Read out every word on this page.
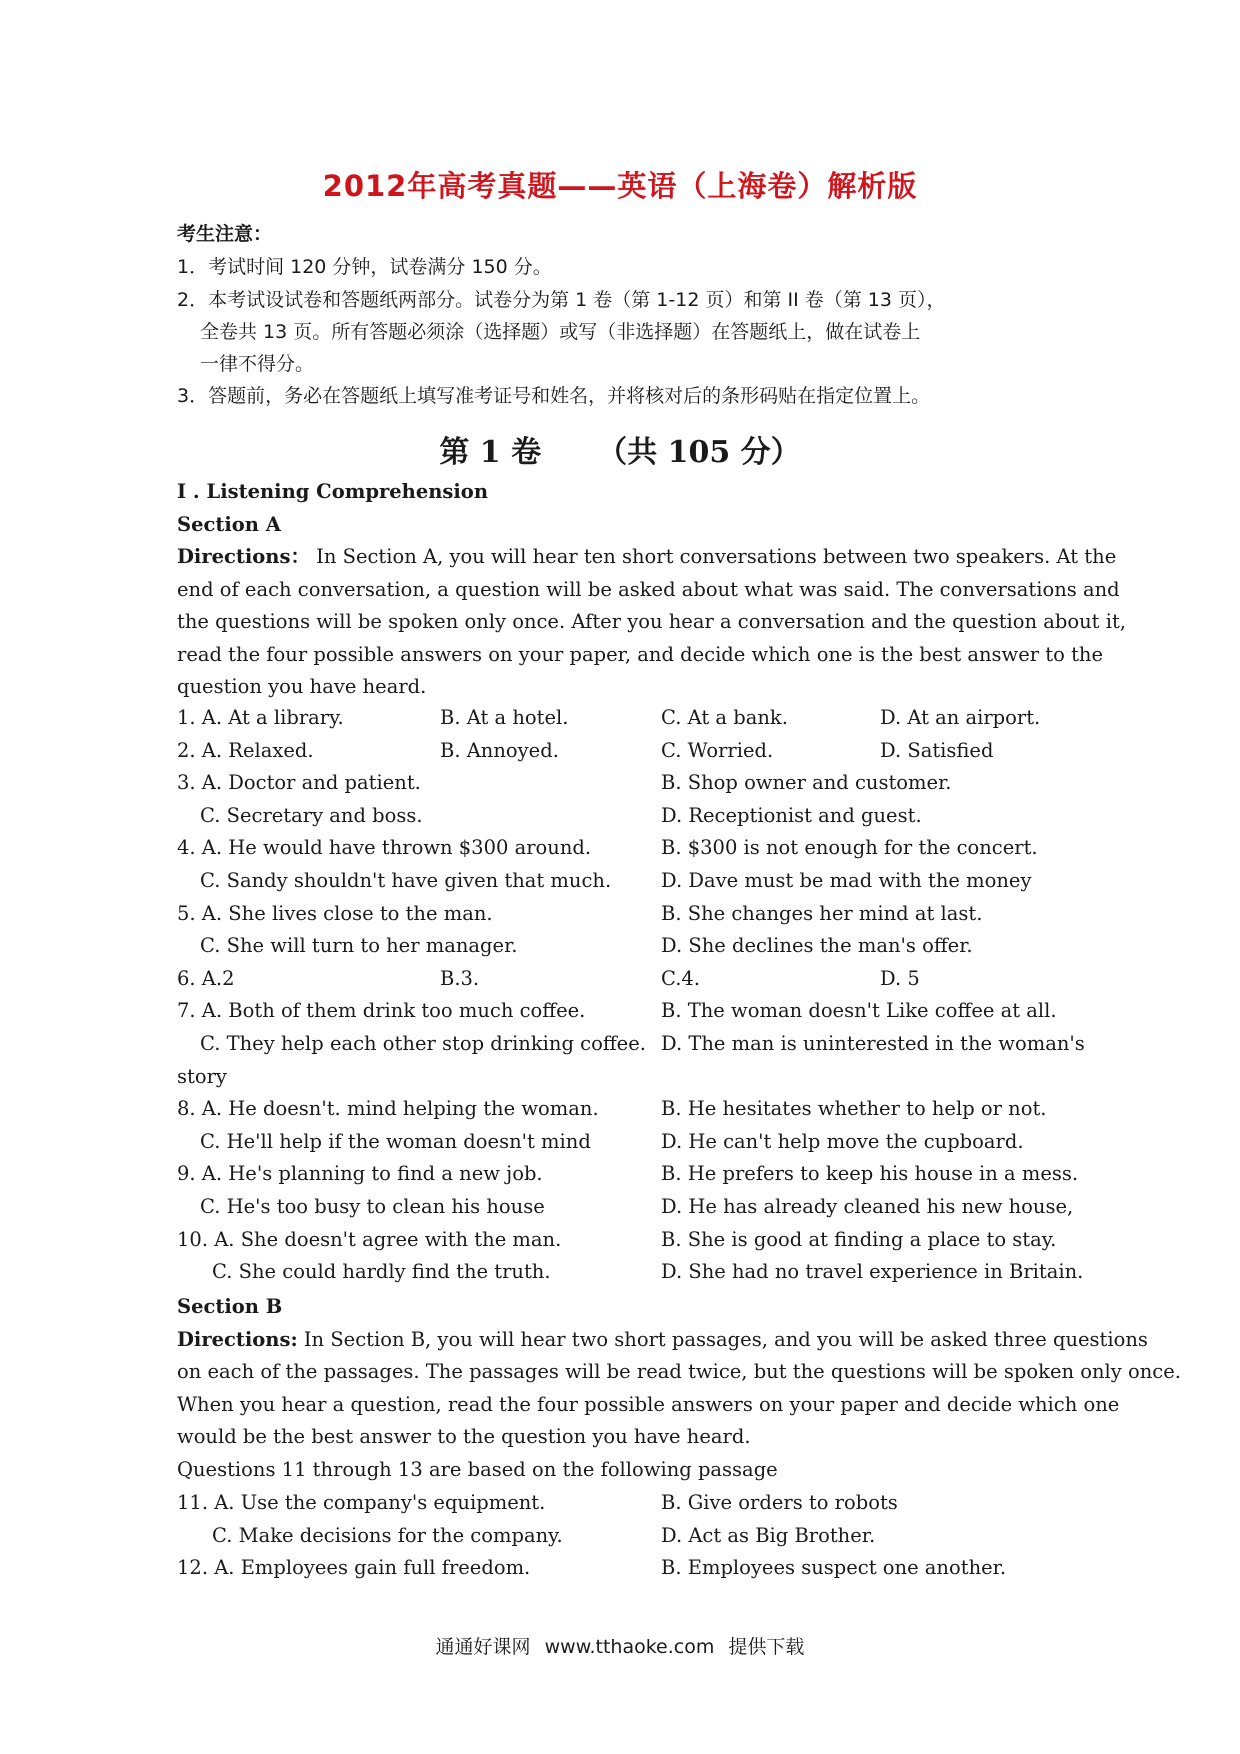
2012年高考真题——英语（上海卷）解析版
考生注意：
1．考试时间 120 分钟，试卷满分 150 分。
2．本考试设试卷和答题纸两部分。试卷分为第 1 卷（第 1-12 页）和第 II 卷（第 13 页），
全卷共 13 页。所有答题必须涂（选择题）或写（非选择题）在答题纸上，做在试卷上
一律不得分。
3．答题前，务必在答题纸上填写准考证号和姓名，并将核对后的条形码贴在指定位置上。
第 1 卷 （共 105 分）
I . Listening Comprehension
Section A
Directions： In Section A, you will hear ten short conversations between two speakers. At the
end of each conversation, a question will be asked about what was said. The conversations and
the questions will be spoken only once. After you hear a conversation and the question about it,
read the four possible answers on your paper, and decide which one is the best answer to the
question you have heard.
1. A. At a library.	B. At a hotel.	C. At a bank.	D. At an airport.
2. A. Relaxed.	B. Annoyed.	C. Worried.	D. Satisfied
3. A. Doctor and patient.	B. Shop owner and customer.
C. Secretary and boss.	D. Receptionist and guest.
4. A. He would have thrown $300 around.	B. $300 is not enough for the concert.
C. Sandy shouldn't have given that much.	D. Dave must be mad with the money
5. A. She lives close to the man.	B. She changes her mind at last.
C. She will turn to her manager.	D. She declines the man's offer.
6. A.2	B.3.	C.4.	D. 5
7. A. Both of them drink too much coffee.	B. The woman doesn't Like coffee at all.
C. They help each other stop drinking coffee. D. The man is uninterested in the woman's
story
8. A. He doesn't. mind helping the woman.	B. He hesitates whether to help or not.
C. He'll help if the woman doesn't mind	D. He can't help move the cupboard.
9. A. He's planning to find a new job.	B. He prefers to keep his house in a mess.
C. He's too busy to clean his house	D. He has already cleaned his new house,
10. A. She doesn't agree with the man.	B. She is good at finding a place to stay.
C. She could hardly find the truth.	D. She had no travel experience in Britain.
Section B
Directions: In Section B, you will hear two short passages, and you will be asked three questions
on each of the passages. The passages will be read twice, but the questions will be spoken only once.
When you hear a question, read the four possible answers on your paper and decide which one
would be the best answer to the question you have heard.
Questions 11 through 13 are based on the following passage
11. A. Use the company's equipment.	B. Give orders to robots
C. Make decisions for the company.	D. Act as Big Brother.
12. A. Employees gain full freedom.	B. Employees suspect one another.
通通好课网 www.tthaoke.com 提供下载
